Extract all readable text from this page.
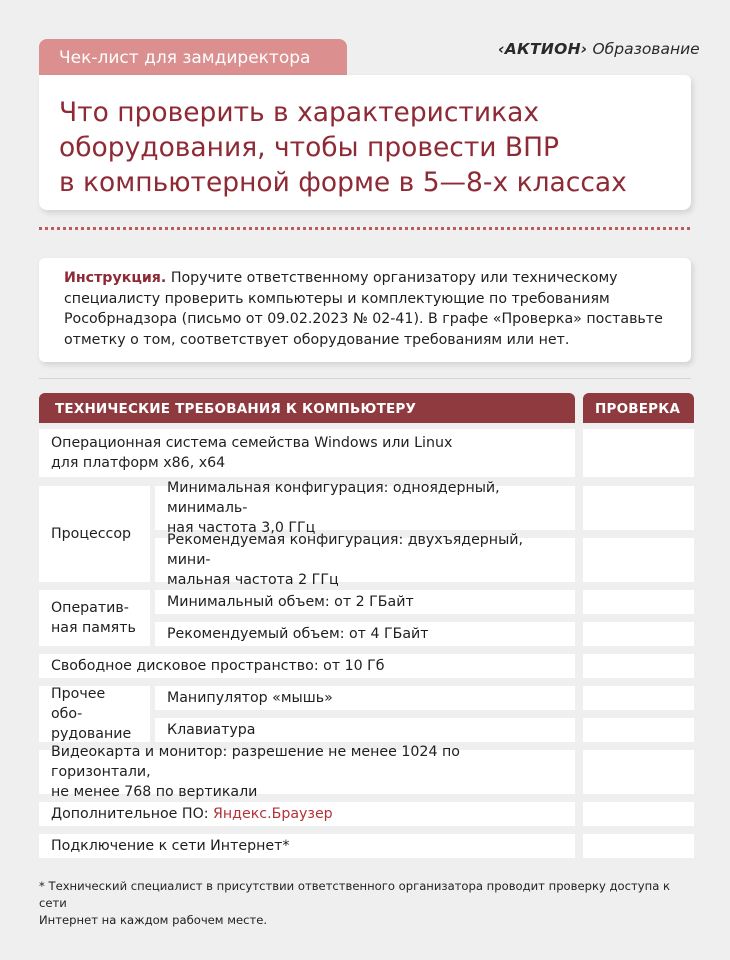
Чек-лист для замдиректора	‹АКТИОН› Образование
Что проверить в характеристиках
оборудования, чтобы провести ВПР
в компьютерной форме в 5—8-х классах
Инструкция. Поручите ответственному организатору или техническому специалисту проверить компьютеры и комплектующие по требованиям Рособрнадзора (письмо от 09.02.2023 № 02-41). В графе «Проверка» поставьте отметку о том, соответствует оборудование требованиям или нет.
ТЕХНИЧЕСКИЕ ТРЕБОВАНИЯ К КОМПЬЮТЕРУ	ПРОВЕРКА
Операционная система семейства Windows или Linux
для платформ x86, x64
Процессор
Минимальная конфигурация: одноядерный, минималь-
ная частота 3,0 ГГц
Рекомендуемая конфигурация: двухъядерный, мини-
мальная частота 2 ГГц
Оператив-
ная память
Минимальный объем: от 2 ГБайт
Рекомендуемый объем: от 4 ГБайт
Свободное дисковое пространство: от 10 Гб
Прочее обо-
рудование
Манипулятор «мышь»
Клавиатура
Видеокарта и монитор: разрешение не менее 1024 по горизонтали,
не менее 768 по вертикали
Дополнительное ПО: Яндекс.Браузер
Подключение к сети Интернет*
* Технический специалист в присутствии ответственного организатора проводит проверку доступа к сети
Интернет на каждом рабочем месте.
